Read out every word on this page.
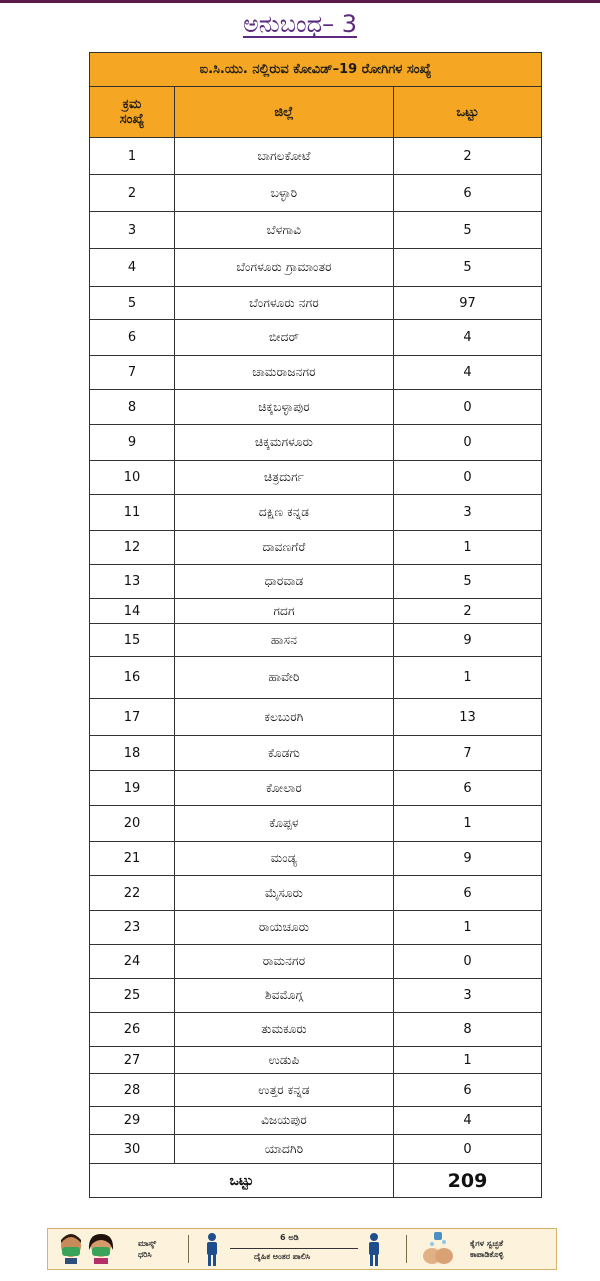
ಅನುಬಂಧ– 3
ಐ.ಸಿ.ಯು. ನಲ್ಲಿರುವ ಕೋವಿಡ್–19 ರೋಗಿಗಳ ಸಂಖ್ಯೆ		

ಕ್ರಮ
ಸಂಖ್ಯೆ	ಜಿಲ್ಲೆ	ಒಟ್ಟು
1	ಬಾಗಲಕೋಟೆ	2
2	ಬಳ್ಳಾರಿ	6
3	ಬೆಳಗಾವಿ	5
4	ಬೆಂಗಳೂರು ಗ್ರಾಮಾಂತರ	5
5	ಬೆಂಗಳೂರು ನಗರ	97
6	ಬೀದರ್	4
7	ಚಾಮರಾಜನಗರ	4
8	ಚಿಕ್ಕಬಳ್ಳಾಪುರ	0
9	ಚಿಕ್ಕಮಗಳೂರು	0
10	ಚಿತ್ರದುರ್ಗ	0
11	ದಕ್ಷಿಣ ಕನ್ನಡ	3
12	ದಾವಣಗೆರೆ	1
13	ಧಾರವಾಡ	5
14	ಗದಗ	2
15	ಹಾಸನ	9
16	ಹಾವೇರಿ	1
17	ಕಲಬುರಗಿ	13
18	ಕೊಡಗು	7
19	ಕೋಲಾರ	6
20	ಕೊಪ್ಪಳ	1
21	ಮಂಡ್ಯ	9
22	ಮೈಸೂರು	6
23	ರಾಯಚೂರು	1
24	ರಾಮನಗರ	0
25	ಶಿವಮೊಗ್ಗ	3
26	ತುಮಕೂರು	8
27	ಉಡುಪಿ	1
28	ಉತ್ತರ ಕನ್ನಡ	6
29	ವಿಜಯಪುರ	4
30	ಯಾದಗಿರಿ	0
ಒಟ್ಟು		209
ಮಾಸ್ಕ್
ಧರಿಸಿ
6 ಅಡಿ
ದೈಹಿಕ ಅಂತರ ಪಾಲಿಸಿ
ಕೈಗಳ ಸ್ವಚ್ಛತೆ
ಕಾಪಾಡಿಕೊಳ್ಳಿ
